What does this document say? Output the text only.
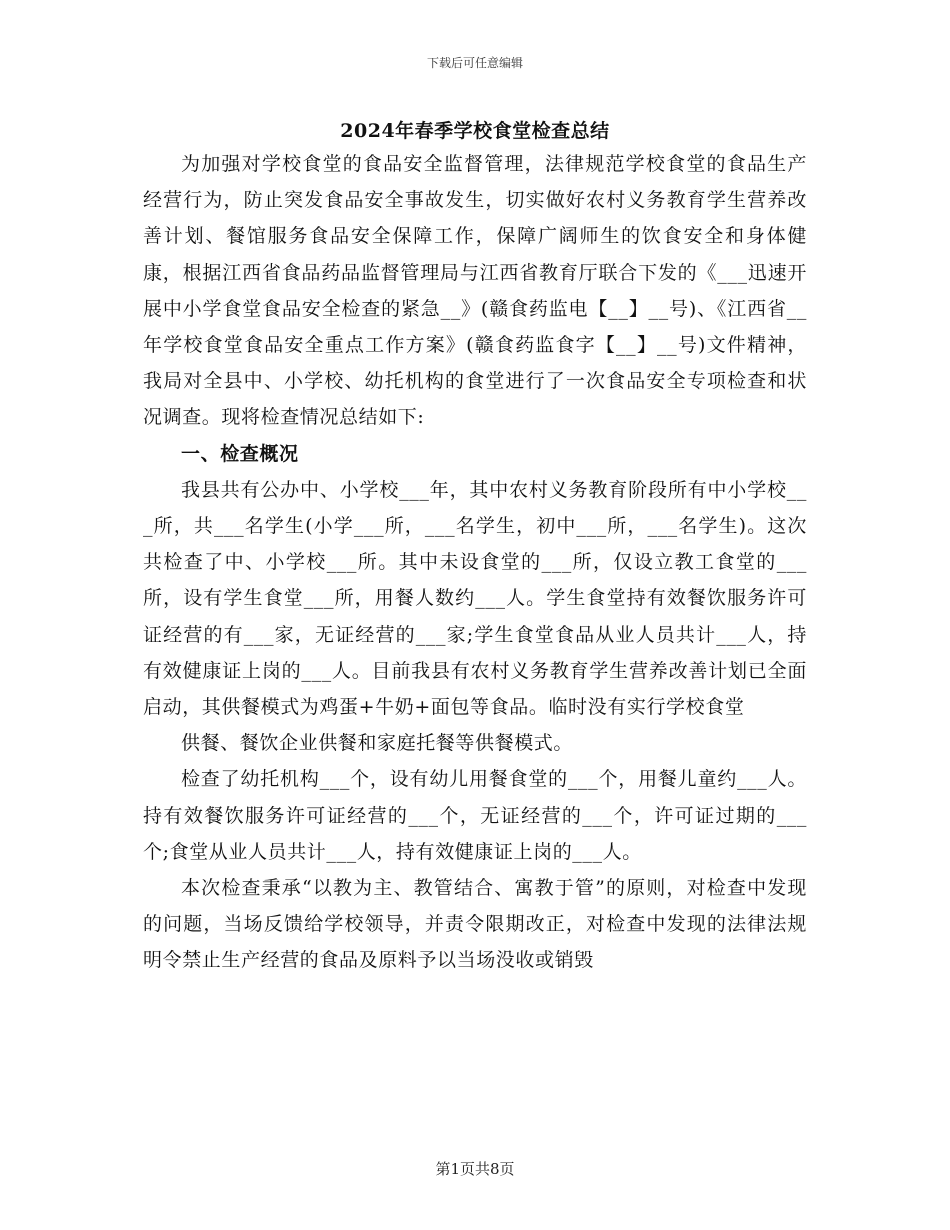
下载后可任意编辑
2024年春季学校食堂检查总结

为加强对学校食堂的食品安全监督管理，法律规范学校食堂的食品生产经营行为，防止突发食品安全事故发生，切实做好农村义务教育学生营养改善计划、餐馆服务食品安全保障工作，保障广阔师生的饮食安全和身体健康，根据江西省食品药品监督管理局与江西省教育厅联合下发的《___迅速开展中小学食堂食品安全检查的紧急__》(赣食药监电【__】__号)、《江西省__年学校食堂食品安全重点工作方案》(赣食药监食字【__】__号)文件精神，我局对全县中、小学校、幼托机构的食堂进行了一次食品安全专项检查和状况调查。现将检查情况总结如下:

一、检查概况

我县共有公办中、小学校___年，其中农村义务教育阶段所有中小学校___所，共___名学生(小学___所，___名学生，初中___所，___名学生)。这次共检查了中、小学校___所。其中未设食堂的___所，仅设立教工食堂的___所，设有学生食堂___所，用餐人数约___人。学生食堂持有效餐饮服务许可证经营的有___家，无证经营的___家;学生食堂食品从业人员共计___人，持有效健康证上岗的___人。目前我县有农村义务教育学生营养改善计划已全面启动，其供餐模式为鸡蛋+牛奶+面包等食品。临时没有实行学校食堂

供餐、餐饮企业供餐和家庭托餐等供餐模式。

检查了幼托机构___个，设有幼儿用餐食堂的___个，用餐儿童约___人。持有效餐饮服务许可证经营的___个，无证经营的___个，许可证过期的___个;食堂从业人员共计___人，持有效健康证上岗的___人。

本次检查秉承“以教为主、教管结合、寓教于管”的原则，对检查中发现的问题，当场反馈给学校领导，并责令限期改正，对检查中发现的法律法规明令禁止生产经营的食品及原料予以当场没收或销毁

第1页共8页
